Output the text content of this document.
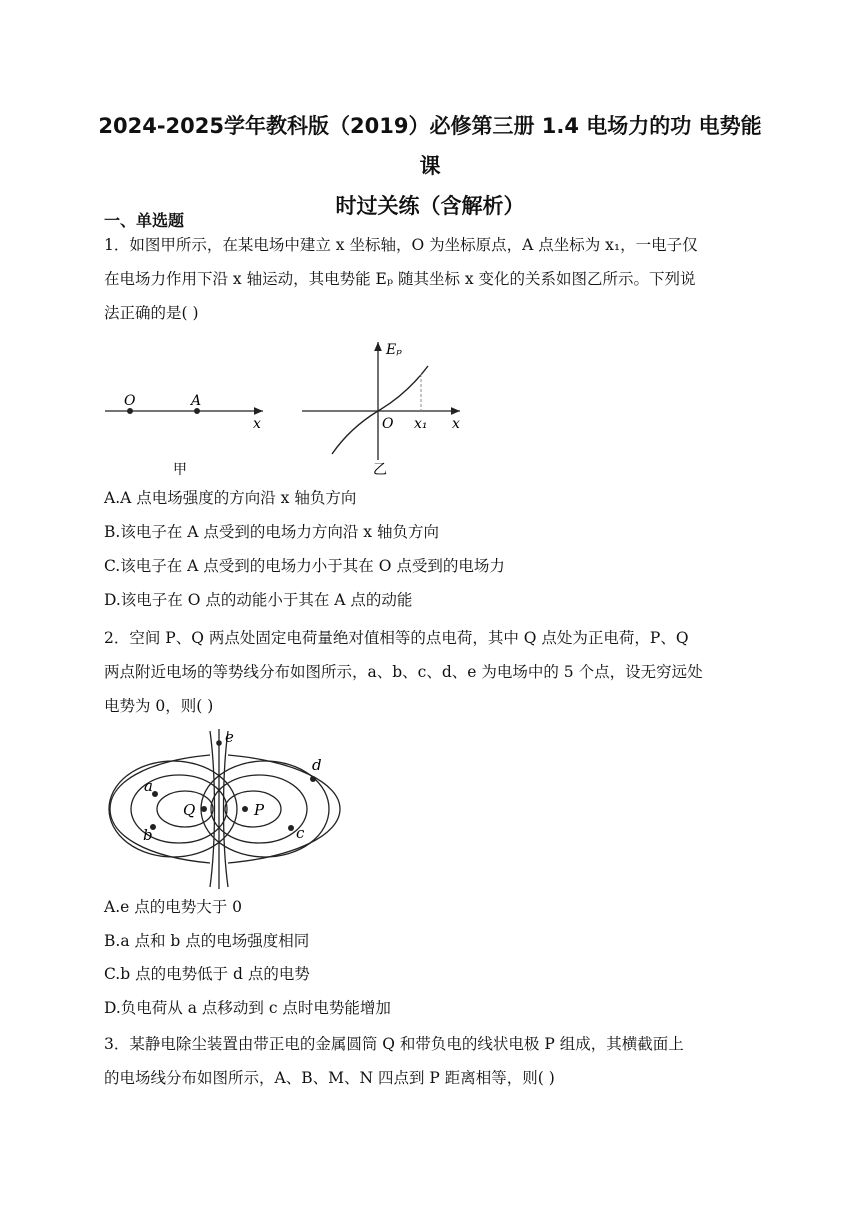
2024-2025学年教科版（2019）必修第三册 1.4 电场力的功 电势能 课
时过关练（含解析）
一、单选题
1．如图甲所示，在某电场中建立 x 坐标轴，O 为坐标原点，A 点坐标为 x₁，一电子仅
在电场力作用下沿 x 轴运动，其电势能 Eₚ 随其坐标 x 变化的关系如图乙所示。下列说
法正确的是( )
O	A
x
甲
Eₚ
O x₁ x
乙
A.A 点电场强度的方向沿 x 轴负方向
B.该电子在 A 点受到的电场力方向沿 x 轴负方向
C.该电子在 A 点受到的电场力小于其在 O 点受到的电场力
D.该电子在 O 点的动能小于其在 A 点的动能
2．空间 P、Q 两点处固定电荷量绝对值相等的点电荷，其中 Q 点处为正电荷，P、Q
两点附近电场的等势线分布如图所示，a、b、c、d、e 为电场中的 5 个点，设无穷远处
电势为 0，则( )
e
d
a
Q	P
b	c
A.e 点的电势大于 0
B.a 点和 b 点的电场强度相同
C.b 点的电势低于 d 点的电势
D.负电荷从 a 点移动到 c 点时电势能增加
3．某静电除尘装置由带正电的金属圆筒 Q 和带负电的线状电极 P 组成，其横截面上
的电场线分布如图所示，A、B、M、N 四点到 P 距离相等，则( )
